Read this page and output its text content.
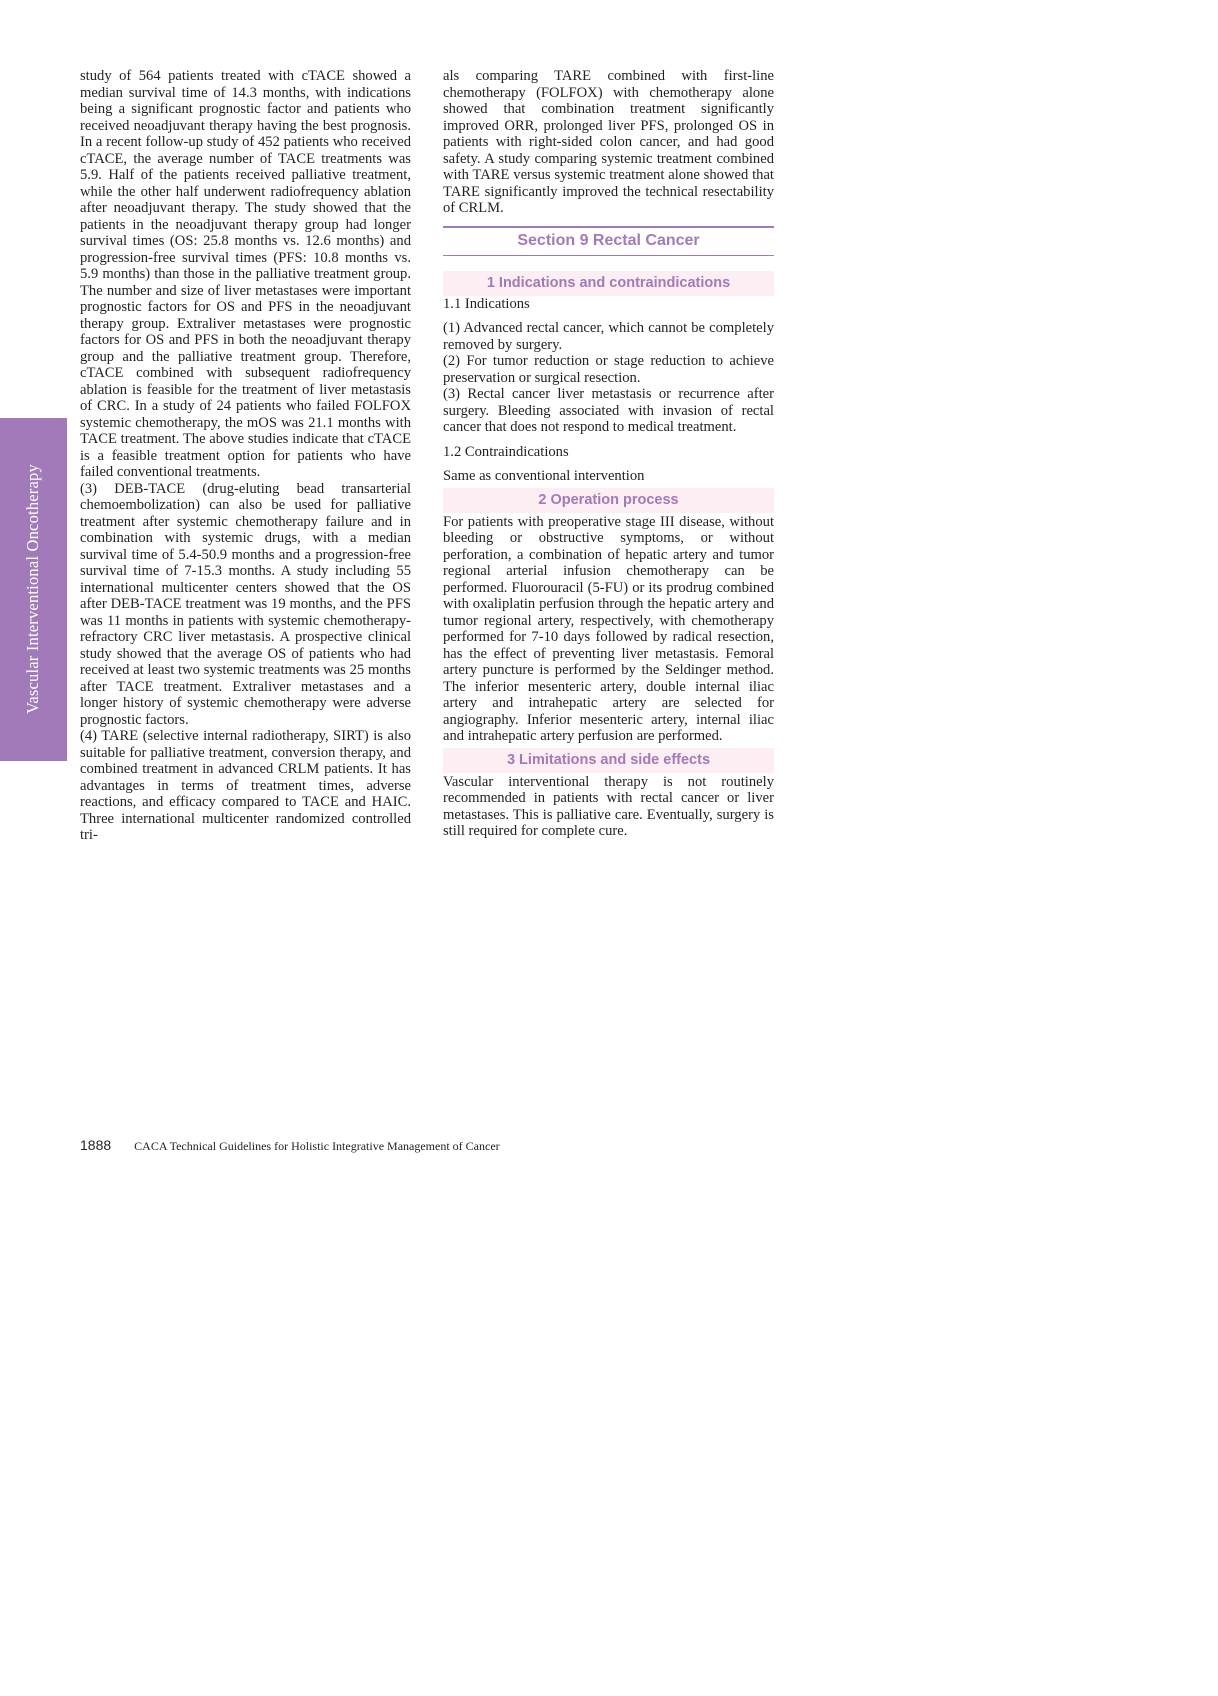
Vascular Interventional Oncotherapy

study of 564 patients treated with cTACE showed a median survival time of 14.3 months, with indications being a significant prognostic factor and patients who received neoadjuvant therapy having the best prognosis. In a recent follow-up study of 452 patients who received cTACE, the average number of TACE treatments was 5.9. Half of the patients received palliative treatment, while the other half underwent radiofrequency ablation after neoadjuvant therapy. The study showed that the patients in the neoadjuvant therapy group had longer survival times (OS: 25.8 months vs. 12.6 months) and progression-free survival times (PFS: 10.8 months vs. 5.9 months) than those in the palliative treatment group. The number and size of liver metastases were important prognostic factors for OS and PFS in the neoadjuvant therapy group. Extraliver metastases were prognostic factors for OS and PFS in both the neoadjuvant therapy group and the palliative treatment group. Therefore, cTACE combined with subsequent radiofrequency ablation is feasible for the treatment of liver metastasis of CRC. In a study of 24 patients who failed FOLFOX systemic chemotherapy, the mOS was 21.1 months with TACE treatment. The above studies indicate that cTACE is a feasible treatment option for patients who have failed conventional treatments.

(3) DEB-TACE (drug-eluting bead transarterial chemoembolization) can also be used for palliative treatment after systemic chemotherapy failure and in combination with systemic drugs, with a median survival time of 5.4-50.9 months and a progression-free survival time of 7-15.3 months. A study including 55 international multicenter centers showed that the OS after DEB-TACE treatment was 19 months, and the PFS was 11 months in patients with systemic chemotherapy-refractory CRC liver metastasis. A prospective clinical study showed that the average OS of patients who had received at least two systemic treatments was 25 months after TACE treatment. Extraliver metastases and a longer history of systemic chemotherapy were adverse prognostic factors.

(4) TARE (selective internal radiotherapy, SIRT) is also suitable for palliative treatment, conversion therapy, and combined treatment in advanced CRLM patients. It has advantages in terms of treatment times, adverse reactions, and efficacy compared to TACE and HAIC. Three international multicenter randomized controlled tri-

als comparing TARE combined with first-line chemotherapy (FOLFOX) with chemotherapy alone showed that combination treatment significantly improved ORR, prolonged liver PFS, prolonged OS in patients with right-sided colon cancer, and had good safety. A study comparing systemic treatment combined with TARE versus systemic treatment alone showed that TARE significantly improved the technical resectability of CRLM.

Section 9 Rectal Cancer
1 Indications and contraindications

1.1 Indications

(1) Advanced rectal cancer, which cannot be completely removed by surgery.

(2) For tumor reduction or stage reduction to achieve preservation or surgical resection.

(3) Rectal cancer liver metastasis or recurrence after surgery. Bleeding associated with invasion of rectal cancer that does not respond to medical treatment.

1.2 Contraindications

Same as conventional intervention

2 Operation process

For patients with preoperative stage III disease, without bleeding or obstructive symptoms, or without perforation, a combination of hepatic artery and tumor regional arterial infusion chemotherapy can be performed. Fluorouracil (5-FU) or its prodrug combined with oxaliplatin perfusion through the hepatic artery and tumor regional artery, respectively, with chemotherapy performed for 7-10 days followed by radical resection, has the effect of preventing liver metastasis. Femoral artery puncture is performed by the Seldinger method. The inferior mesenteric artery, double internal iliac artery and intrahepatic artery are selected for angiography. Inferior mesenteric artery, internal iliac and intrahepatic artery perfusion are performed.

3 Limitations and side effects

Vascular interventional therapy is not routinely recommended in patients with rectal cancer or liver metastases. This is palliative care. Eventually, surgery is still required for complete cure.

1888 CACA Technical Guidelines for Holistic Integrative Management of Cancer
